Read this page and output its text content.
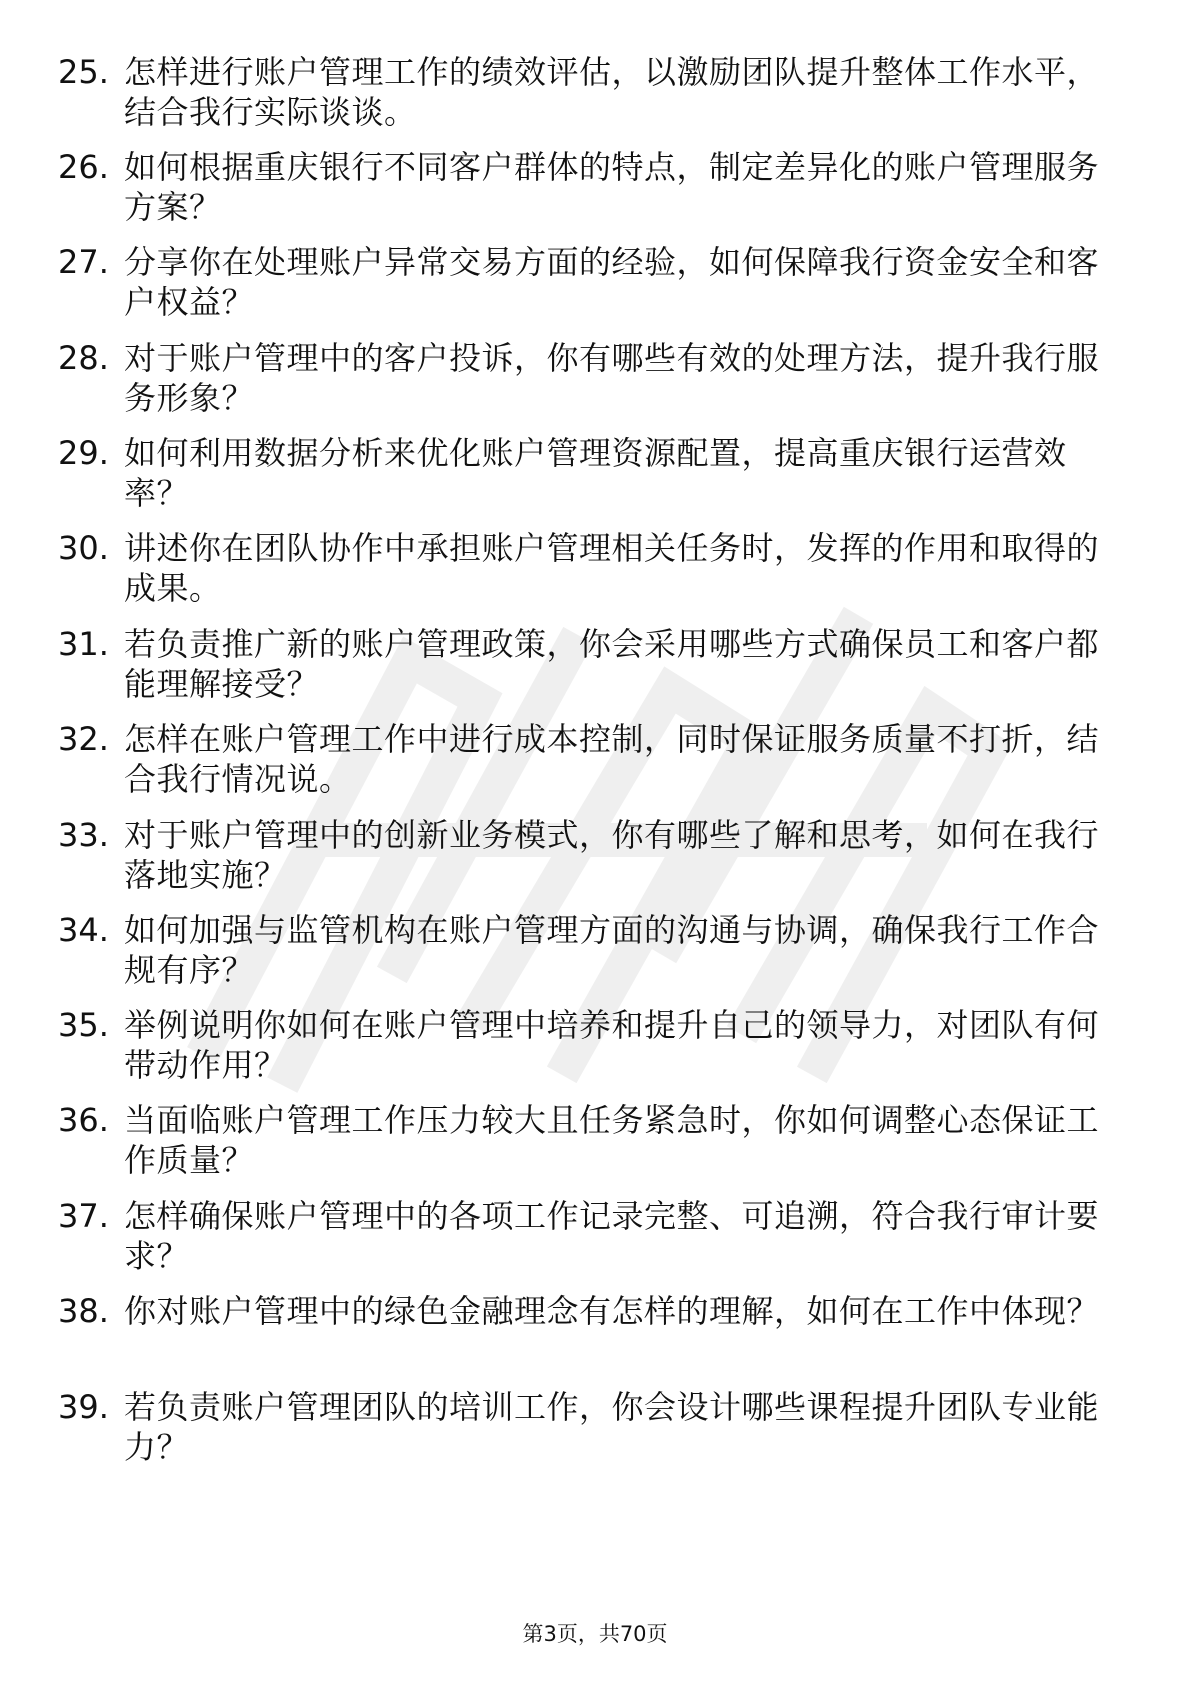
25. 怎样进行账户管理工作的绩效评估，以激励团队提升整体工作水平，结合我行实际谈谈。
26. 如何根据重庆银行不同客户群体的特点，制定差异化的账户管理服务方案？
27. 分享你在处理账户异常交易方面的经验，如何保障我行资金安全和客户权益？
28. 对于账户管理中的客户投诉，你有哪些有效的处理方法，提升我行服务形象？
29. 如何利用数据分析来优化账户管理资源配置，提高重庆银行运营效率？
30. 讲述你在团队协作中承担账户管理相关任务时，发挥的作用和取得的成果。
31. 若负责推广新的账户管理政策，你会采用哪些方式确保员工和客户都能理解接受？
32. 怎样在账户管理工作中进行成本控制，同时保证服务质量不打折，结合我行情况说。
33. 对于账户管理中的创新业务模式，你有哪些了解和思考，如何在我行落地实施？
34. 如何加强与监管机构在账户管理方面的沟通与协调，确保我行工作合规有序？
35. 举例说明你如何在账户管理中培养和提升自己的领导力，对团队有何带动作用？
36. 当面临账户管理工作压力较大且任务紧急时，你如何调整心态保证工作质量？
37. 怎样确保账户管理中的各项工作记录完整、可追溯，符合我行审计要求？
38. 你对账户管理中的绿色金融理念有怎样的理解，如何在工作中体现？
39. 若负责账户管理团队的培训工作，你会设计哪些课程提升团队专业能力？
第3页，共70页
